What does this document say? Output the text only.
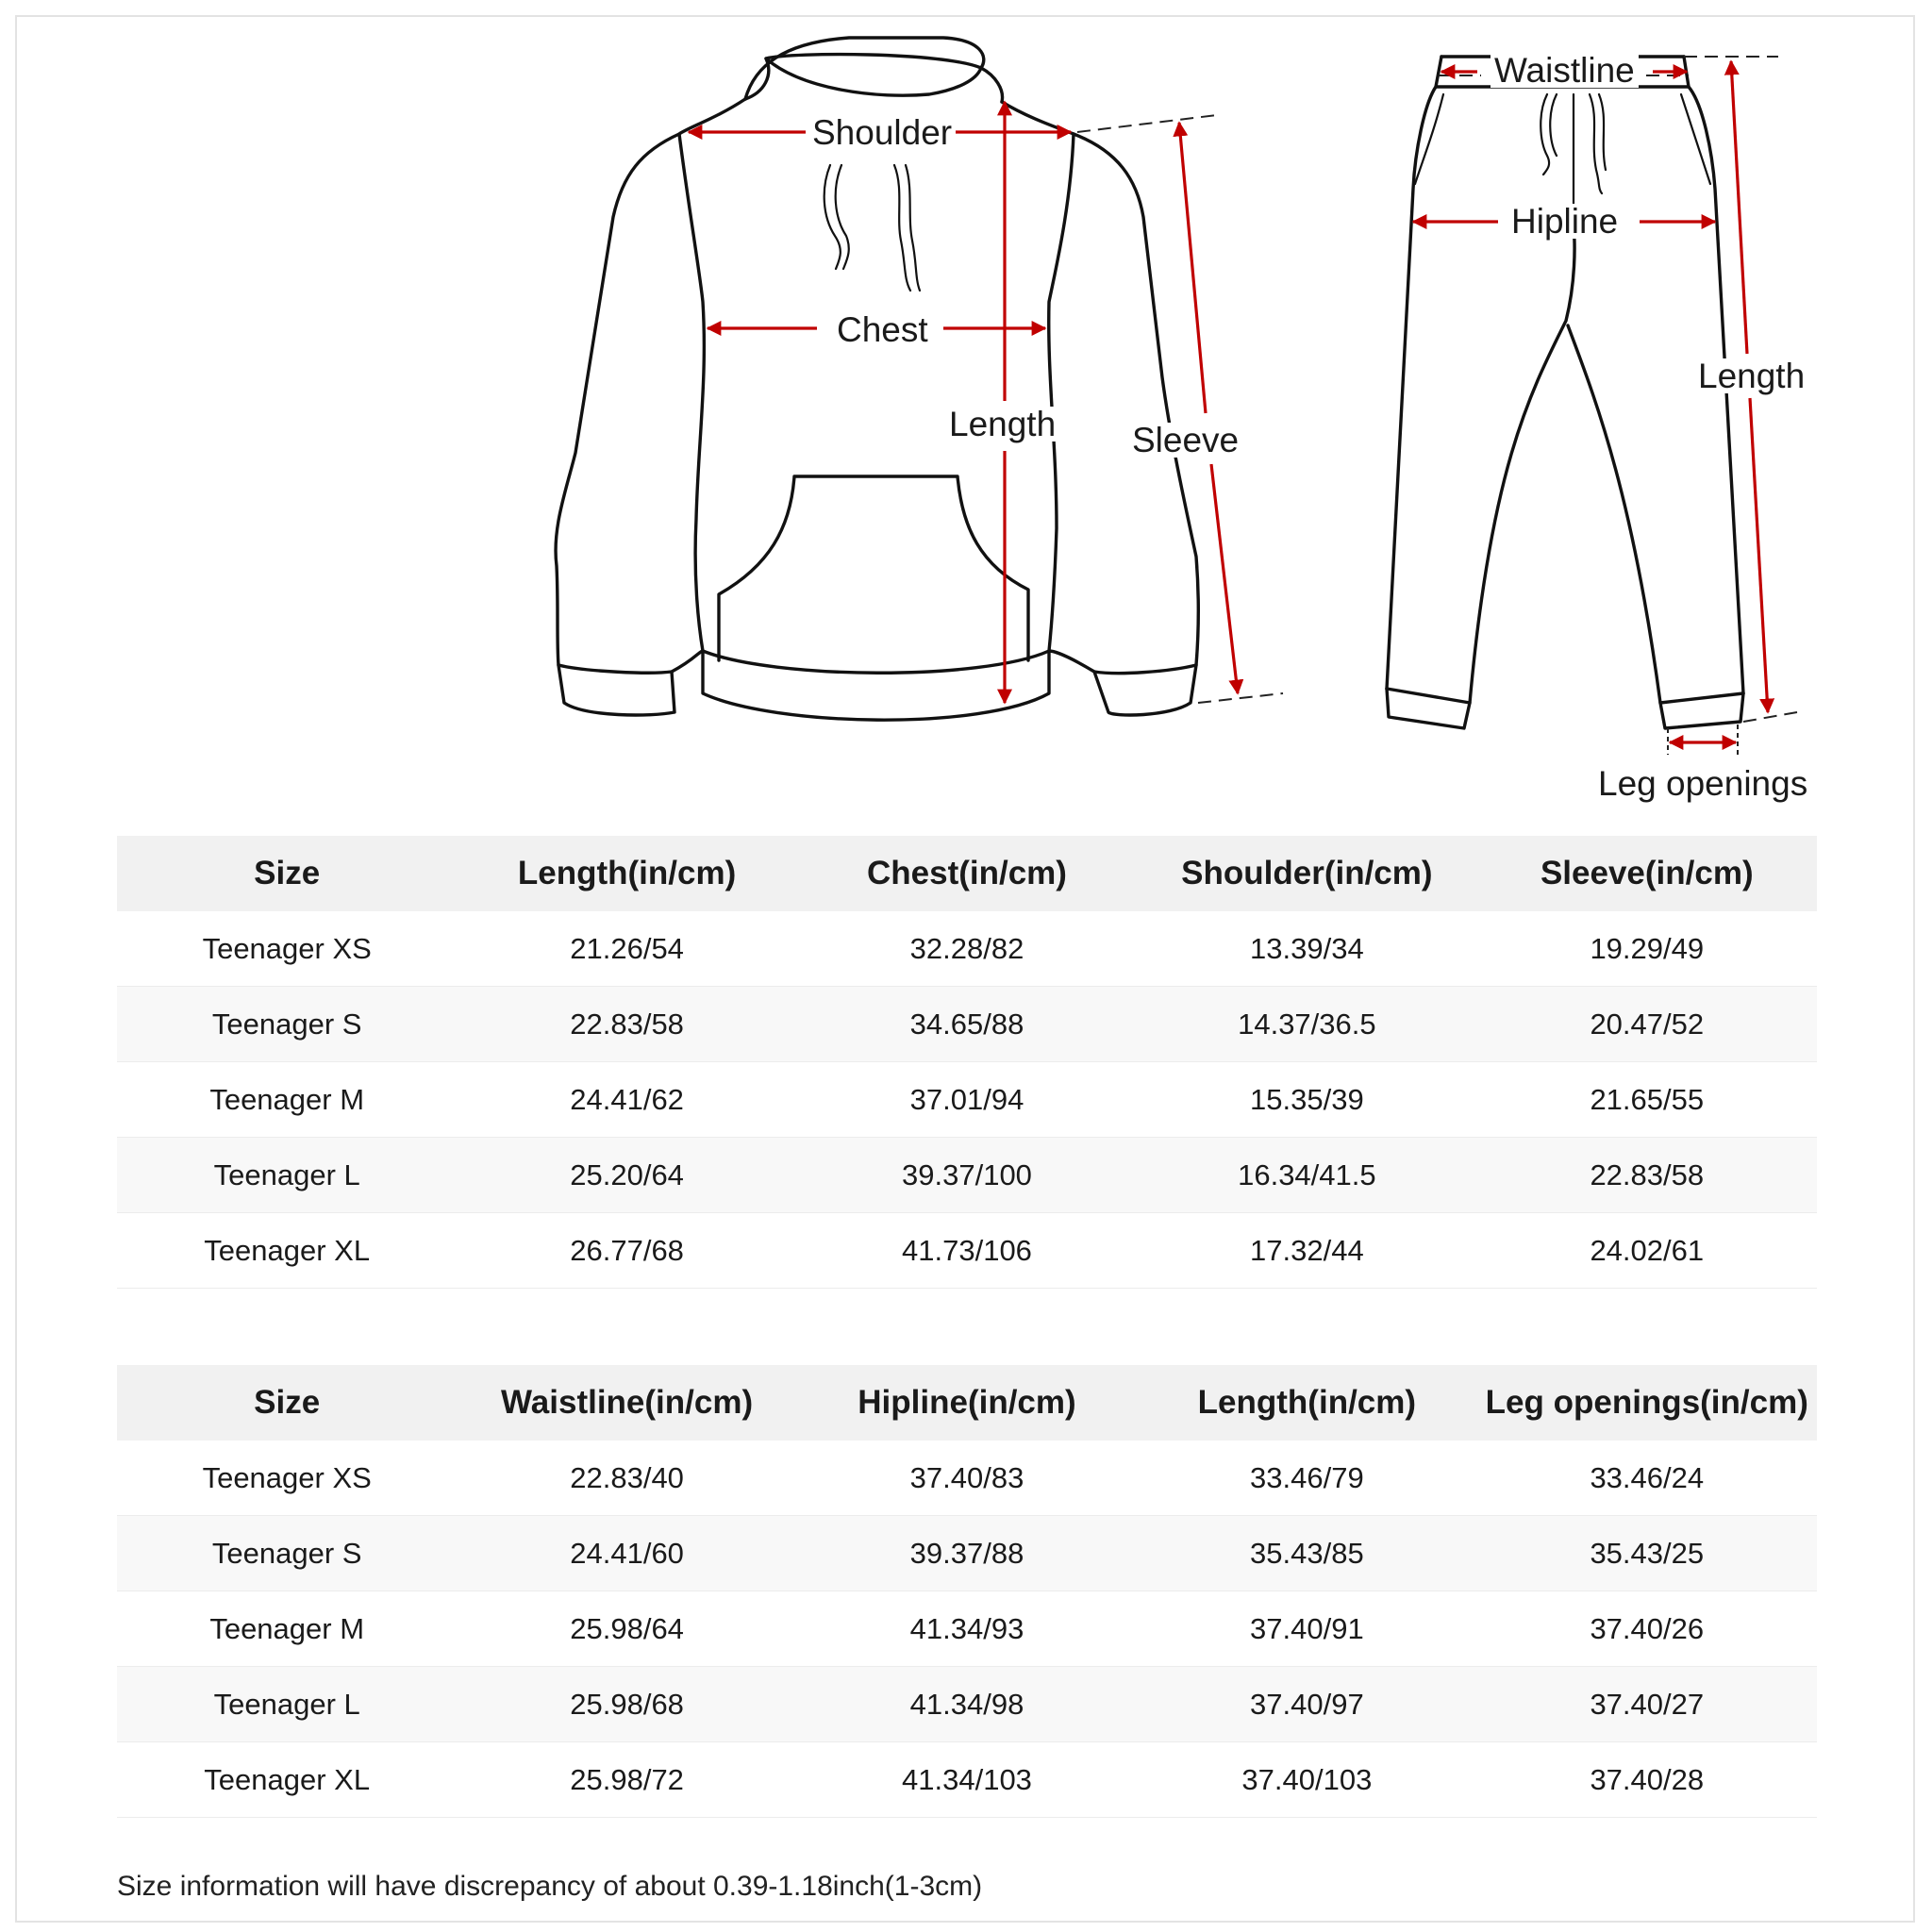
Shoulder
Chest
Length Sleeve
Waistline
Hipline
Length
Leg openings
Size	Length(in/cm)	Chest(in/cm)	Shoulder(in/cm)	Sleeve(in/cm)
Teenager XS	21.26/54	32.28/82	13.39/34	19.29/49
Teenager S	22.83/58	34.65/88	14.37/36.5	20.47/52
Teenager M	24.41/62	37.01/94	15.35/39	21.65/55
Teenager L	25.20/64	39.37/100	16.34/41.5	22.83/58
Teenager XL	26.77/68	41.73/106	17.32/44	24.02/61
Size	Waistline(in/cm)	Hipline(in/cm)	Length(in/cm)	Leg openings(in/cm)
Teenager XS	22.83/40	37.40/83	33.46/79	33.46/24
Teenager S	24.41/60	39.37/88	35.43/85	35.43/25
Teenager M	25.98/64	41.34/93	37.40/91	37.40/26
Teenager L	25.98/68	41.34/98	37.40/97	37.40/27
Teenager XL	25.98/72	41.34/103	37.40/103	37.40/28
Size information will have discrepancy of about 0.39-1.18inch(1-3cm)
